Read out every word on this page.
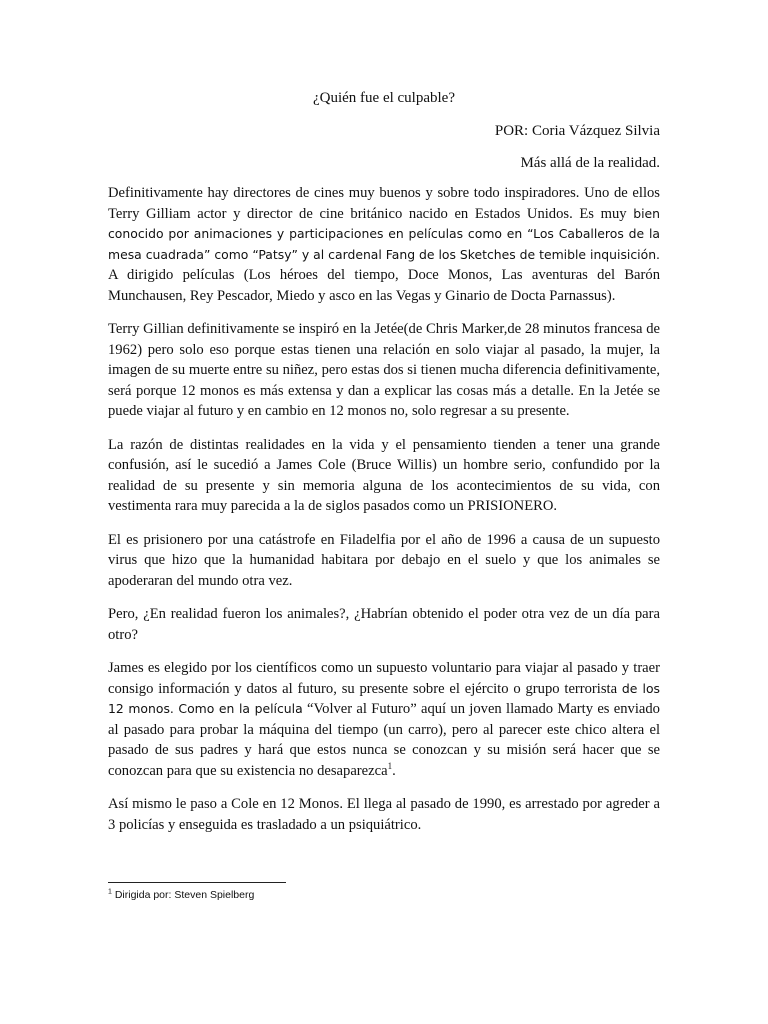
¿Quién fue el culpable?
POR: Coria Vázquez Silvia
Más allá de la realidad.

Definitivamente hay directores de cines muy buenos y sobre todo inspiradores. Uno de ellos Terry Gilliam actor y director de cine británico nacido en Estados Unidos. Es muy bien conocido por animaciones y participaciones en películas como en “Los Caballeros de la mesa cuadrada” como “Patsy” y al cardenal Fang de los Sketches de temible inquisición. A dirigido películas (Los héroes del tiempo, Doce Monos, Las aventuras del Barón Munchausen, Rey Pescador, Miedo y asco en las Vegas y Ginario de Docta Parnassus).

Terry Gillian definitivamente se inspiró en la Jetée(de Chris Marker,de 28 minutos francesa de 1962) pero solo eso porque estas tienen una relación en solo viajar al pasado, la mujer, la imagen de su muerte entre su niñez, pero estas dos si tienen mucha diferencia definitivamente, será porque 12 monos es más extensa y dan a explicar las cosas más a detalle. En la Jetée se puede viajar al futuro y en cambio en 12 monos no, solo regresar a su presente.

La razón de distintas realidades en la vida y el pensamiento tienden a tener una grande confusión, así le sucedió a James Cole (Bruce Willis) un hombre serio, confundido por la realidad de su presente y sin memoria alguna de los acontecimientos de su vida, con vestimenta rara muy parecida a la de siglos pasados como un PRISIONERO.

El es prisionero por una catástrofe en Filadelfia por el año de 1996 a causa de un supuesto virus que hizo que la humanidad habitara por debajo en el suelo y que los animales se apoderaran del mundo otra vez.

Pero, ¿En realidad fueron los animales?, ¿Habrían obtenido el poder otra vez de un día para otro?

James es elegido por los científicos como un supuesto voluntario para viajar al pasado y traer consigo información y datos al futuro, su presente sobre el ejército o grupo terrorista de los 12 monos. Como en la película “Volver al Futuro” aquí un joven llamado Marty es enviado al pasado para probar la máquina del tiempo (un carro), pero al parecer este chico altera el pasado de sus padres y hará que estos nunca se conozcan y su misión será hacer que se conozcan para que su existencia no desaparezca$^1$.

Así mismo le paso a Cole en 12 Monos. El llega al pasado de 1990, es arrestado por agreder a 3 policías y enseguida es trasladado a un psiquiátrico.

$^1$ Dirigida por: Steven Spielberg
